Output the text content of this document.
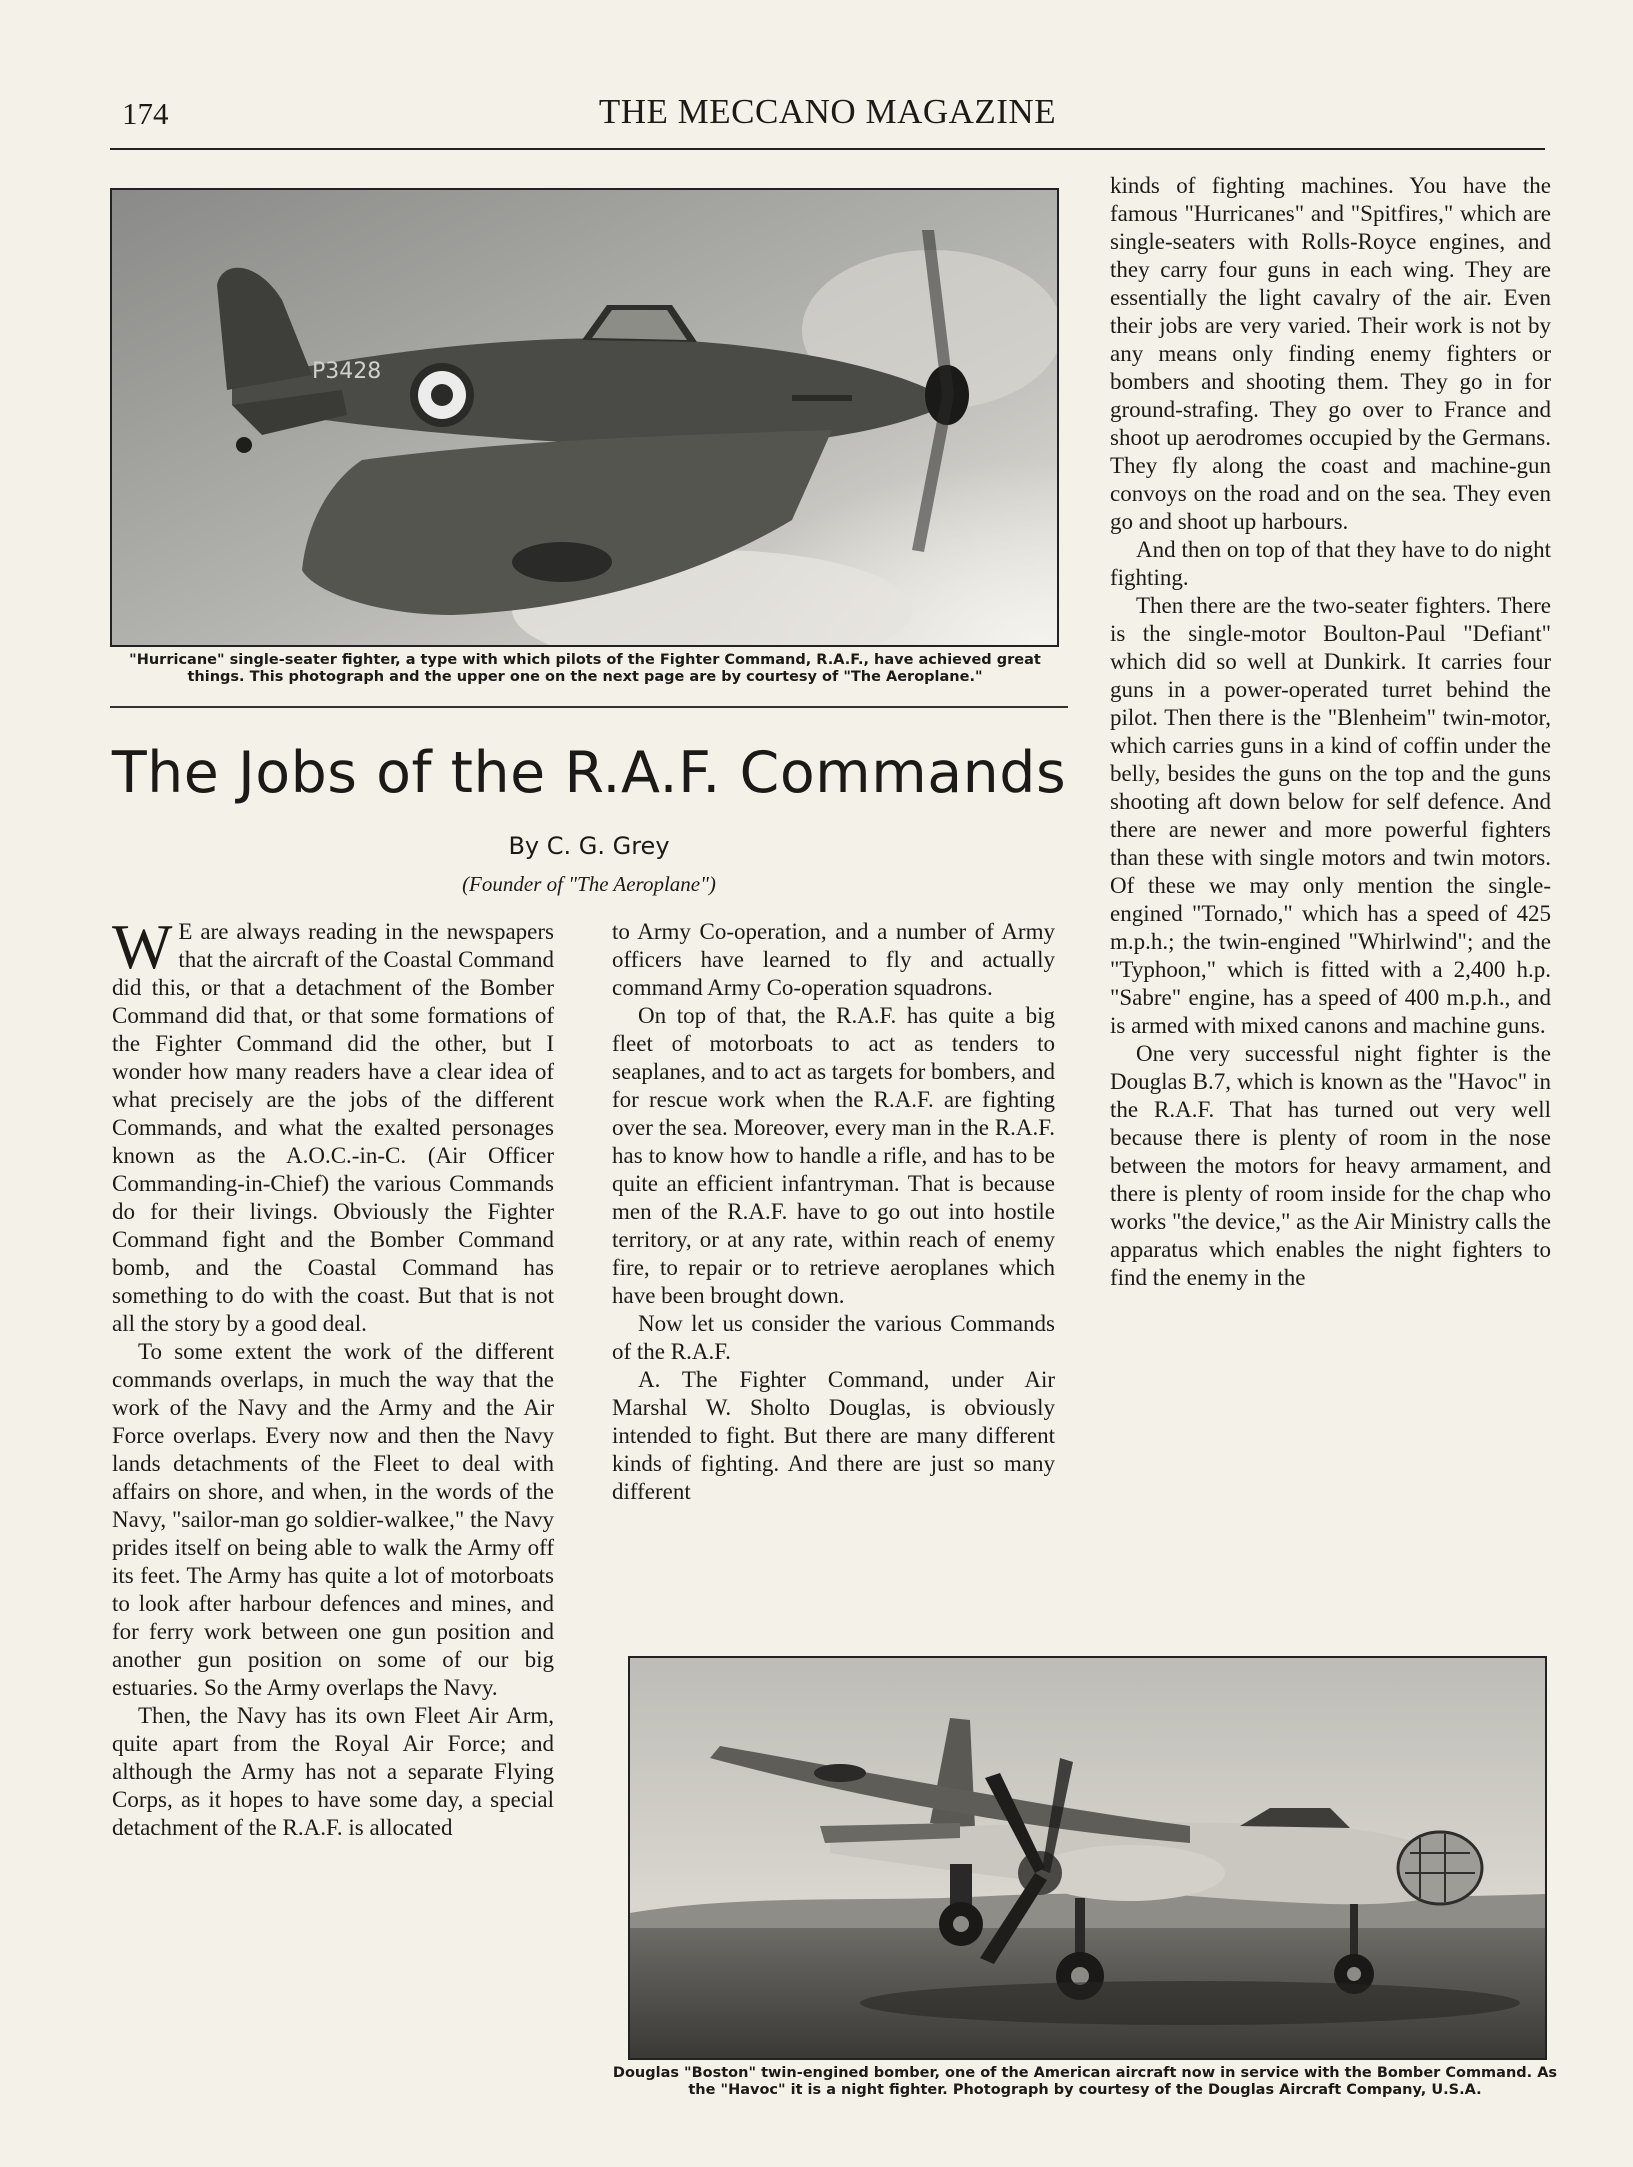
174	THE MECCANO MAGAZINE
P3428
"Hurricane" single-seater fighter, a type with which pilots of the Fighter Command, R.A.F., have achieved great things. This photograph and the upper one on the next page are by courtesy of "The Aeroplane."
The Jobs of the R.A.F. Commands
By C. G. Grey
(Founder of "The Aeroplane")

W E are always reading in the newspapers that the aircraft of the Coastal Command did this, or that a detachment of the Bomber Command did that, or that some formations of the Fighter Command did the other, but I wonder how many readers have a clear idea of what precisely are the jobs of the different Commands, and what the exalted personages known as the A.O.C.-in-C. (Air Officer Commanding-in-Chief) the various Commands do for their livings. Obviously the Fighter Command fight and the Bomber Command bomb, and the Coastal Command has something to do with the coast. But that is not all the story by a good deal.

To some extent the work of the different commands overlaps, in much the way that the work of the Navy and the Army and the Air Force overlaps. Every now and then the Navy lands detachments of the Fleet to deal with affairs on shore, and when, in the words of the Navy, "sailor-man go soldier-walkee," the Navy prides itself on being able to walk the Army off its feet. The Army has quite a lot of motorboats to look after harbour defences and mines, and for ferry work between one gun position and another gun position on some of our big estuaries. So the Army overlaps the Navy.

Then, the Navy has its own Fleet Air Arm, quite apart from the Royal Air Force; and although the Army has not a separate Flying Corps, as it hopes to have some day, a special detachment of the R.A.F. is allocated

to Army Co-operation, and a number of Army officers have learned to fly and actually command Army Co-operation squadrons.

On top of that, the R.A.F. has quite a big fleet of motorboats to act as tenders to seaplanes, and to act as targets for bombers, and for rescue work when the R.A.F. are fighting over the sea. Moreover, every man in the R.A.F. has to know how to handle a rifle, and has to be quite an efficient infantryman. That is because men of the R.A.F. have to go out into hostile territory, or at any rate, within reach of enemy fire, to repair or to retrieve aeroplanes which have been brought down.

Now let us consider the various Commands of the R.A.F.

A. The Fighter Command, under Air Marshal W. Sholto Douglas, is obviously intended to fight. But there are many different kinds of fighting. And there are just so many different

kinds of fighting machines. You have the famous "Hurricanes" and "Spitfires," which are single-seaters with Rolls-Royce engines, and they carry four guns in each wing. They are essentially the light cavalry of the air. Even their jobs are very varied. Their work is not by any means only finding enemy fighters or bombers and shooting them. They go in for ground-strafing. They go over to France and shoot up aerodromes occupied by the Germans. They fly along the coast and machine-gun convoys on the road and on the sea. They even go and shoot up harbours.

And then on top of that they have to do night fighting.

Then there are the two-seater fighters. There is the single-motor Boulton-Paul "Defiant" which did so well at Dunkirk. It carries four guns in a power-operated turret behind the pilot. Then there is the "Blenheim" twin-motor, which carries guns in a kind of coffin under the belly, besides the guns on the top and the guns shooting aft down below for self defence. And there are newer and more powerful fighters than these with single motors and twin motors. Of these we may only mention the single-engined "Tornado," which has a speed of 425 m.p.h.; the twin-engined "Whirlwind"; and the "Typhoon," which is fitted with a 2,400 h.p. "Sabre" engine, has a speed of 400 m.p.h., and is armed with mixed canons and machine guns.

One very successful night fighter is the Douglas B.7, which is known as the "Havoc" in the R.A.F. That has turned out very well because there is plenty of room in the nose between the motors for heavy armament, and there is plenty of room inside for the chap who works "the device," as the Air Ministry calls the apparatus which enables the night fighters to find the enemy in the

Douglas "Boston" twin-engined bomber, one of the American aircraft now in service with the Bomber Command. As the "Havoc" it is a night fighter. Photograph by courtesy of the Douglas Aircraft Company, U.S.A.
